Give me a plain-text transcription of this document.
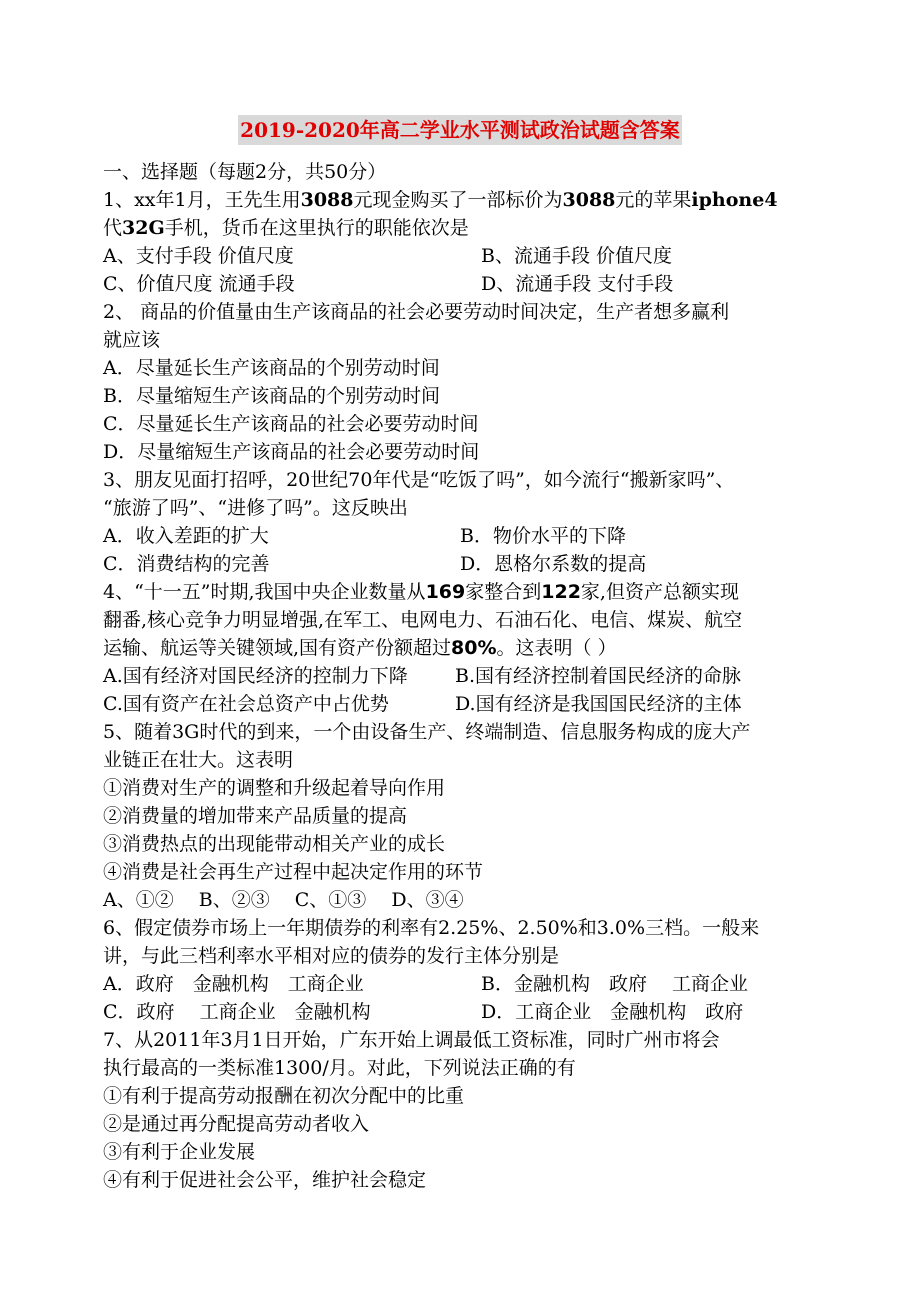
2019-2020年高二学业水平测试政治试题含答案
一、选择题（每题2分，共50分）
1、xx年1月，王先生用3088元现金购买了一部标价为3088元的苹果iphone4
代32G手机，货币在这里执行的职能依次是
A、支付手段 价值尺度	B、流通手段 价值尺度
C、价值尺度 流通手段	D、流通手段 支付手段
2、 商品的价值量由生产该商品的社会必要劳动时间决定，生产者想多赢利
就应该
A．尽量延长生产该商品的个别劳动时间
B．尽量缩短生产该商品的个别劳动时间
C．尽量延长生产该商品的社会必要劳动时间
D．尽量缩短生产该商品的社会必要劳动时间
3、朋友见面打招呼，20世纪70年代是“吃饭了吗”，如今流行“搬新家吗”、
“旅游了吗”、“进修了吗”。这反映出
A．收入差距的扩大	B．物价水平的下降
C．消费结构的完善	D．恩格尔系数的提高
4、“十一五”时期,我国中央企业数量从169家整合到122家,但资产总额实现
翻番,核心竞争力明显增强,在军工、电网电力、石油石化、电信、煤炭、航空
运输、航运等关键领域,国有资产份额超过80%。这表明（ ）
A.国有经济对国民经济的控制力下降 B.国有经济控制着国民经济的命脉
C.国有资产在社会总资产中占优势	D.国有经济是我国国民经济的主体
5、随着3G时代的到来，一个由设备生产、终端制造、信息服务构成的庞大产
业链正在壮大。这表明
①消费对生产的调整和升级起着导向作用
②消费量的增加带来产品质量的提高
③消费热点的出现能带动相关产业的成长
④消费是社会再生产过程中起决定作用的环节
A、①②　 B、②③　 C、①③　 D、③④
6、假定债券市场上一年期债券的利率有2.25%、2.50%和3.0%三档。一般来
讲，与此三档利率水平相对应的债券的发行主体分别是
A．政府　金融机构　工商企业	B．金融机构　政府　 工商企业
C．政府　 工商企业　金融机构	D．工商企业　金融机构　政府
7、从2011年3月1日开始，广东开始上调最低工资标准，同时广州市将会
执行最高的一类标准1300/月。对此，下列说法正确的有
①有利于提高劳动报酬在初次分配中的比重
②是通过再分配提高劳动者收入
③有利于企业发展
④有利于促进社会公平，维护社会稳定
